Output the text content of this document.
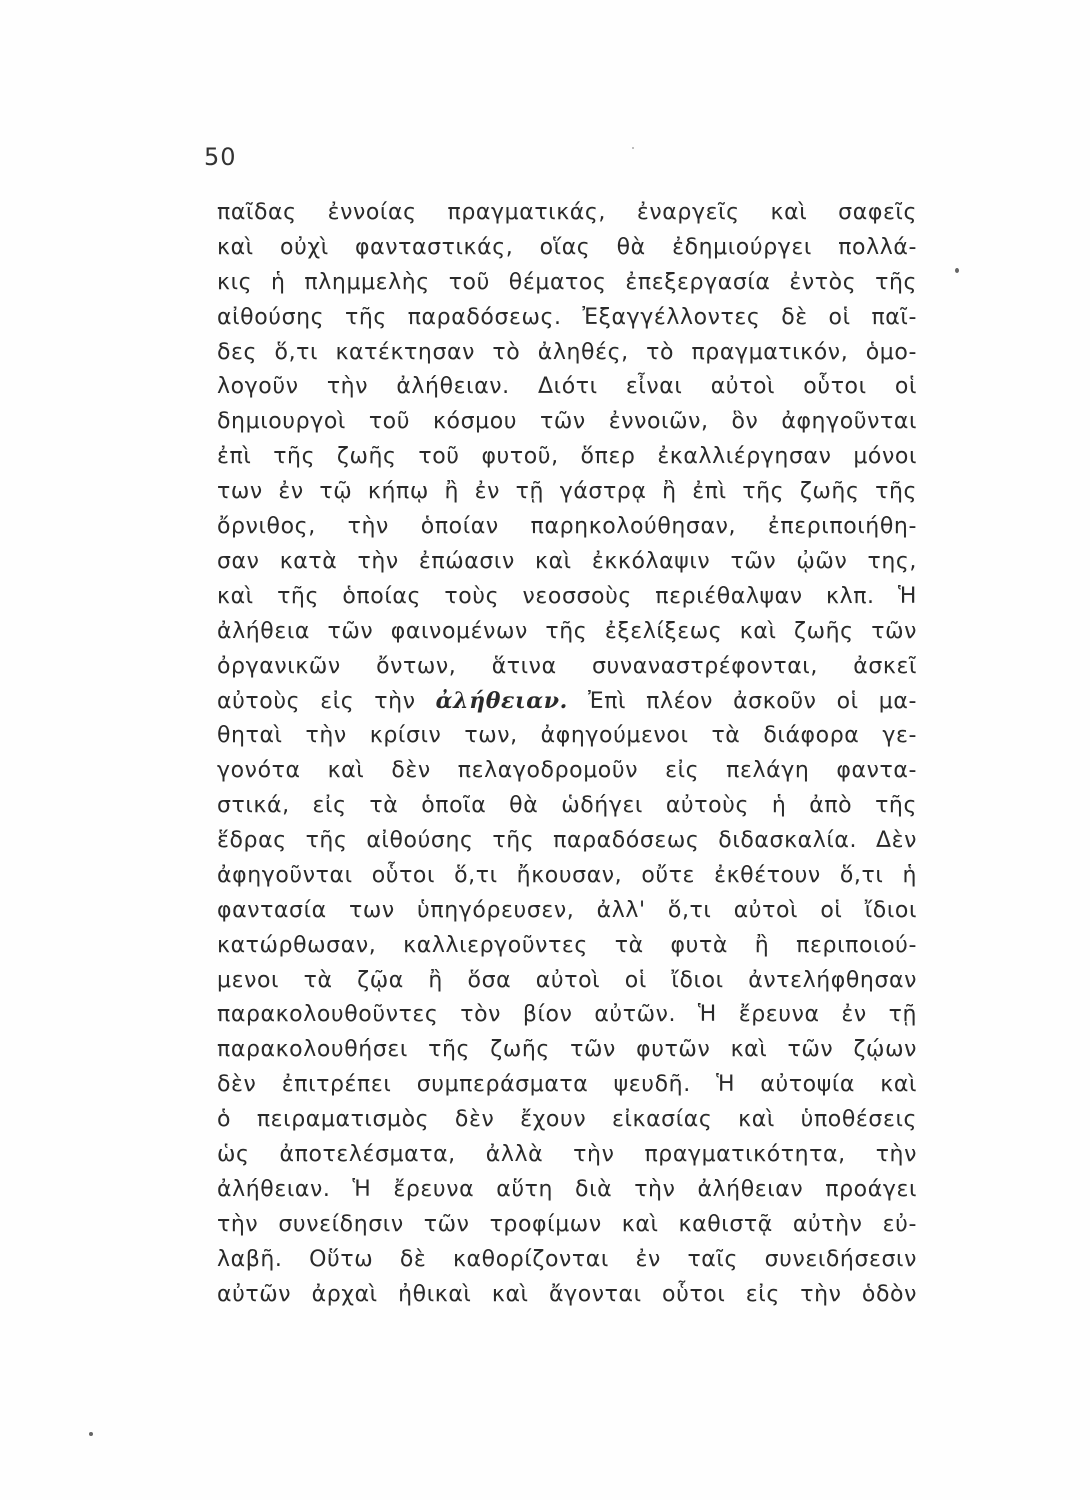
50
παῖδας ἐννοίας πραγματικάς, ἐναργεῖς καὶ σαφεῖς
καὶ οὐχὶ φανταστικάς, οἵας θὰ ἐδημιούργει πολλά-
κις ἡ πλημμελὴς τοῦ θέματος ἐπεξεργασία ἐντὸς τῆς
αἰθούσης τῆς παραδόσεως. Ἐξαγγέλλοντες δὲ οἱ παῖ-
δες ὅ,τι κατέκτησαν τὸ ἀληθές, τὸ πραγματικόν, ὁμο-
λογοῦν τὴν ἀλήθειαν. Διότι εἶναι αὐτοὶ οὗτοι οἱ
δημιουργοὶ τοῦ κόσμου τῶν ἐννοιῶν, ὃν ἀφηγοῦνται
ἐπὶ τῆς ζωῆς τοῦ φυτοῦ, ὅπερ ἐκαλλιέργησαν μόνοι
των ἐν τῷ κήπῳ ἢ ἐν τῇ γάστρᾳ ἢ ἐπὶ τῆς ζωῆς τῆς
ὄρνιθος, τὴν ὁποίαν παρηκολούθησαν, ἐπεριποιήθη-
σαν κατὰ τὴν ἐπώασιν καὶ ἐκκόλαψιν τῶν ᾠῶν της,
καὶ τῆς ὁποίας τοὺς νεοσσοὺς περιέθαλψαν κλπ. Ἡ
ἀλήθεια τῶν φαινομένων τῆς ἐξελίξεως καὶ ζωῆς τῶν
ὀργανικῶν ὄντων, ἅτινα συναναστρέφονται, ἀσκεῖ
αὐτοὺς εἰς τὴν ἀλήθειαν. Ἐπὶ πλέον ἀσκοῦν οἱ μα-
θηταὶ τὴν κρίσιν των, ἀφηγούμενοι τὰ διάφορα γε-
γονότα καὶ δὲν πελαγοδρομοῦν εἰς πελάγη φαντα-
στικά, εἰς τὰ ὁποῖα θὰ ὡδήγει αὐτοὺς ἡ ἀπὸ τῆς
ἕδρας τῆς αἰθούσης τῆς παραδόσεως διδασκαλία. Δὲν
ἀφηγοῦνται οὗτοι ὅ,τι ἤκουσαν, οὔτε ἐκθέτουν ὅ,τι ἡ
φαντασία των ὑπηγόρευσεν, ἀλλ' ὅ,τι αὐτοὶ οἱ ἴδιοι
κατώρθωσαν, καλλιεργοῦντες τὰ φυτὰ ἢ περιποιού-
μενοι τὰ ζῷα ἢ ὅσα αὐτοὶ οἱ ἴδιοι ἀντελήφθησαν
παρακολουθοῦντες τὸν βίον αὐτῶν. Ἡ ἔρευνα ἐν τῇ
παρακολουθήσει τῆς ζωῆς τῶν φυτῶν καὶ τῶν ζῴων
δὲν ἐπιτρέπει συμπεράσματα ψευδῆ. Ἡ αὐτοψία καὶ
ὁ πειραματισμὸς δὲν ἔχουν εἰκασίας καὶ ὑποθέσεις
ὡς ἀποτελέσματα, ἀλλὰ τὴν πραγματικότητα, τὴν
ἀλήθειαν. Ἡ ἔρευνα αὕτη διὰ τὴν ἀλήθειαν προάγει
τὴν συνείδησιν τῶν τροφίμων καὶ καθιστᾷ αὐτὴν εὐ-
λαβῆ. Οὕτω δὲ καθορίζονται ἐν ταῖς συνειδήσεσιν
αὐτῶν ἀρχαὶ ἠθικαὶ καὶ ἄγονται οὗτοι εἰς τὴν ὁδὸν
